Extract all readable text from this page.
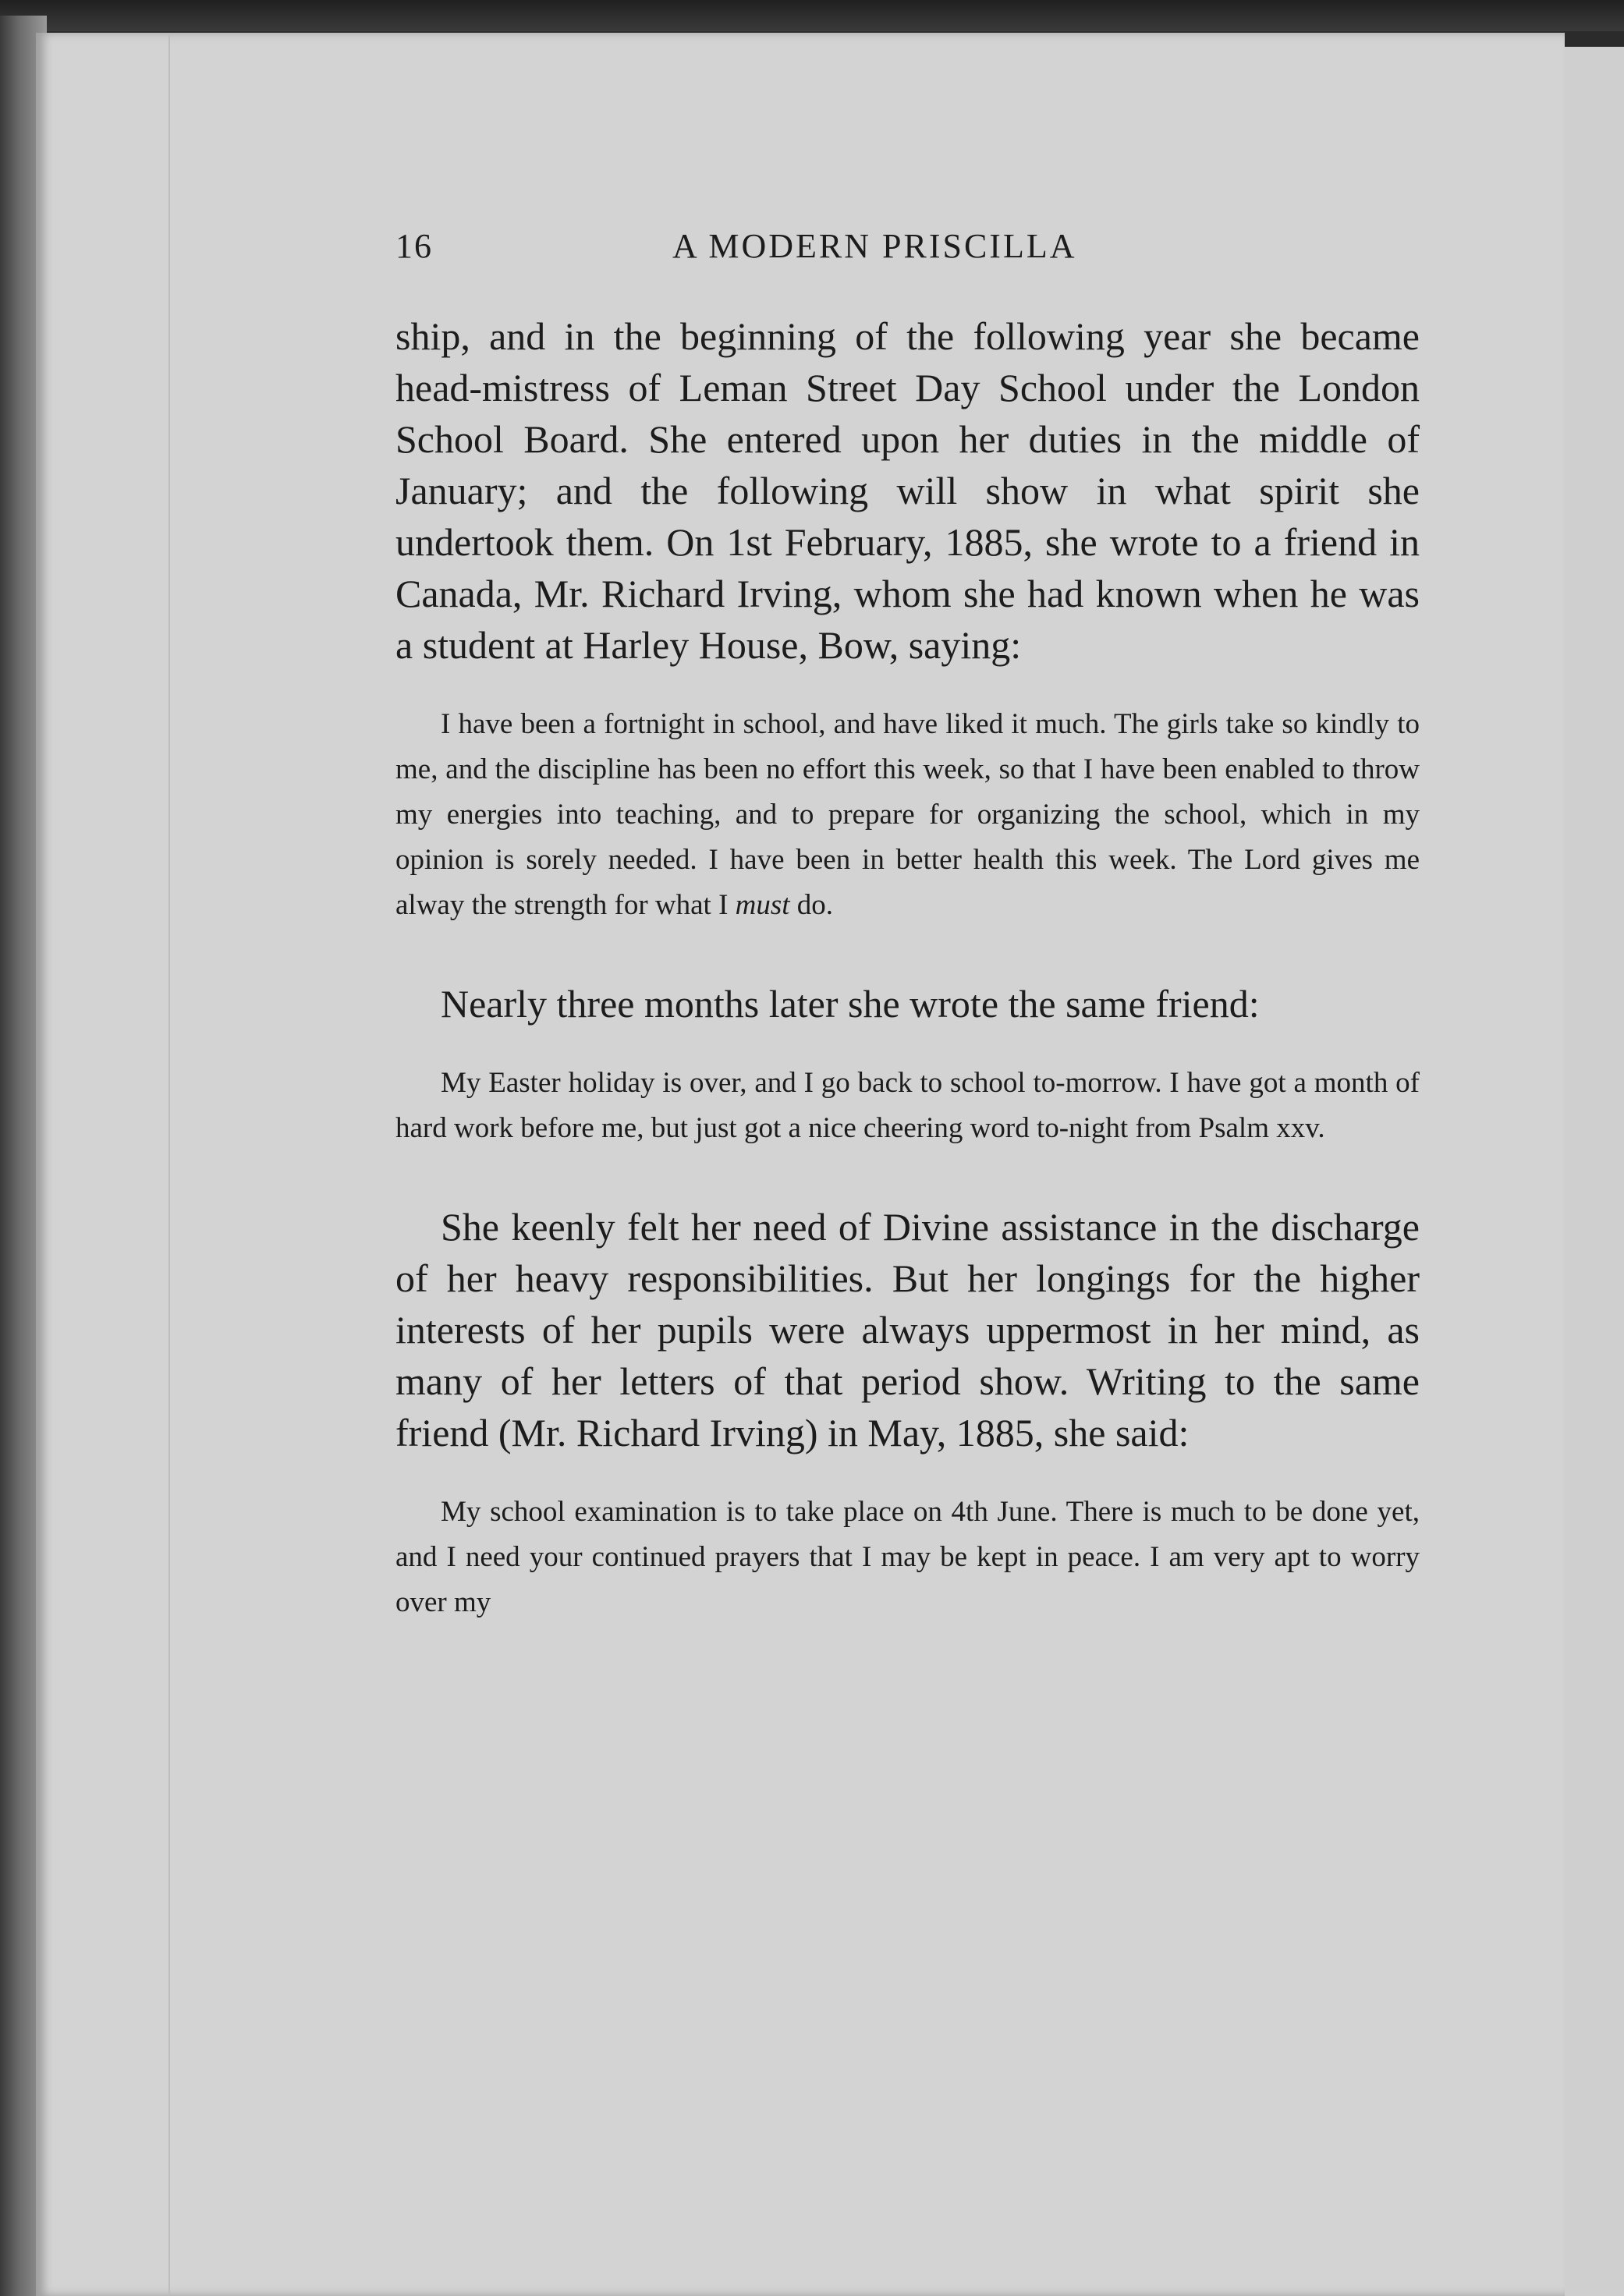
16	A MODERN PRISCILLA

ship, and in the beginning of the following year she became head-mistress of Leman Street Day School under the London School Board. She entered upon her duties in the middle of January; and the following will show in what spirit she undertook them. On 1st February, 1885, she wrote to a friend in Canada, Mr. Richard Irving, whom she had known when he was a student at Harley House, Bow, saying:

I have been a fortnight in school, and have liked it much. The girls take so kindly to me, and the discipline has been no effort this week, so that I have been enabled to throw my energies into teaching, and to prepare for organizing the school, which in my opinion is sorely needed. I have been in better health this week. The Lord gives me alway the strength for what I must do.

Nearly three months later she wrote the same friend:

My Easter holiday is over, and I go back to school to-morrow. I have got a month of hard work before me, but just got a nice cheering word to-night from Psalm xxv.

She keenly felt her need of Divine assistance in the discharge of her heavy responsibilities. But her longings for the higher interests of her pupils were always uppermost in her mind, as many of her letters of that period show. Writing to the same friend (Mr. Richard Irving) in May, 1885, she said:

My school examination is to take place on 4th June. There is much to be done yet, and I need your continued prayers that I may be kept in peace. I am very apt to worry over my
